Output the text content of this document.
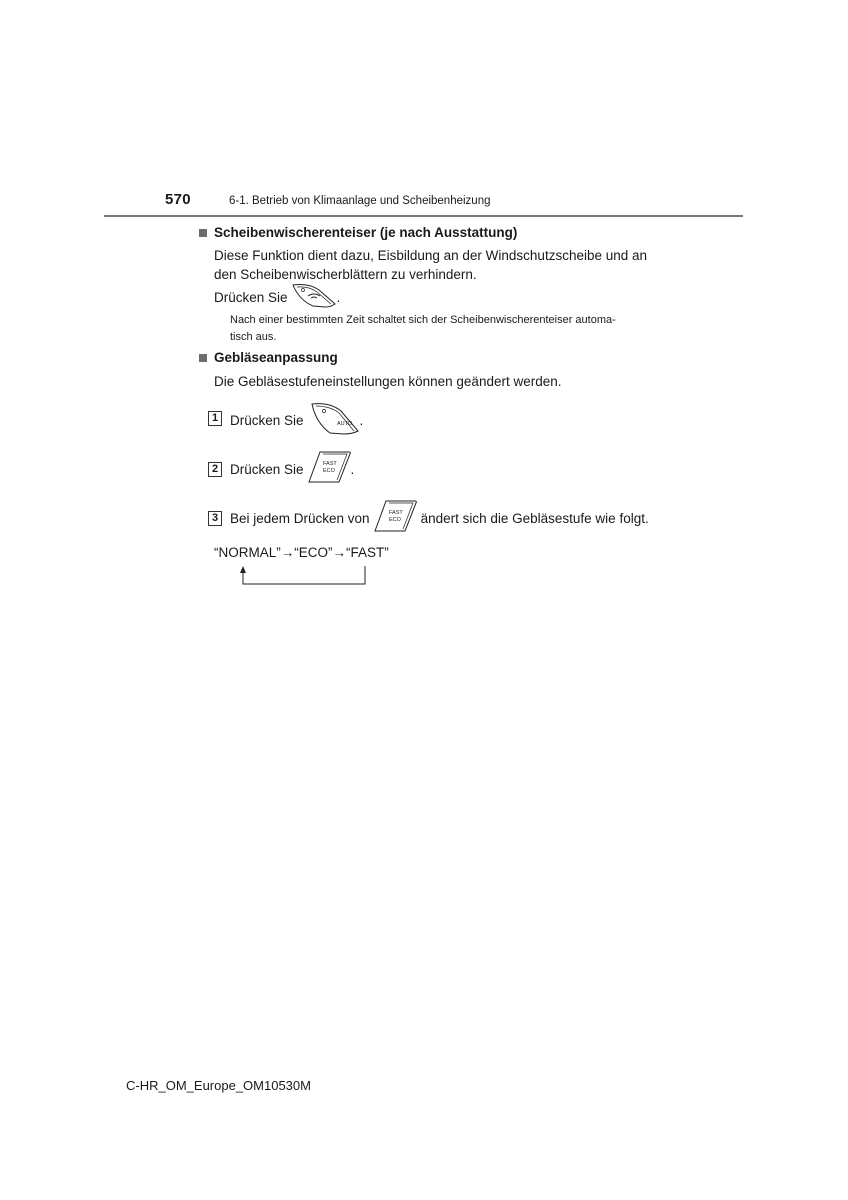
570	6-1. Betrieb von Klimaanlage und Scheibenheizung
Scheibenwischerenteiser (je nach Ausstattung)
Diese Funktion dient dazu, Eisbildung an der Windschutzscheibe und an
den Scheibenwischerblättern zu verhindern.
Drücken Sie	.
Nach einer bestimmten Zeit schaltet sich der Scheibenwischerenteiser automa-
tisch aus.
Gebläseanpassung
Die Gebläsestufeneinstellungen können geändert werden.
1 Drücken Sie	AUTO .
2 Drücken Sie	FAST
ECO .
3 Bei jedem Drücken von	FAST
ECO ändert sich die Gebläsestufe wie folgt.
“NORMAL”→“ECO”→“FAST”
C-HR_OM_Europe_OM10530M
